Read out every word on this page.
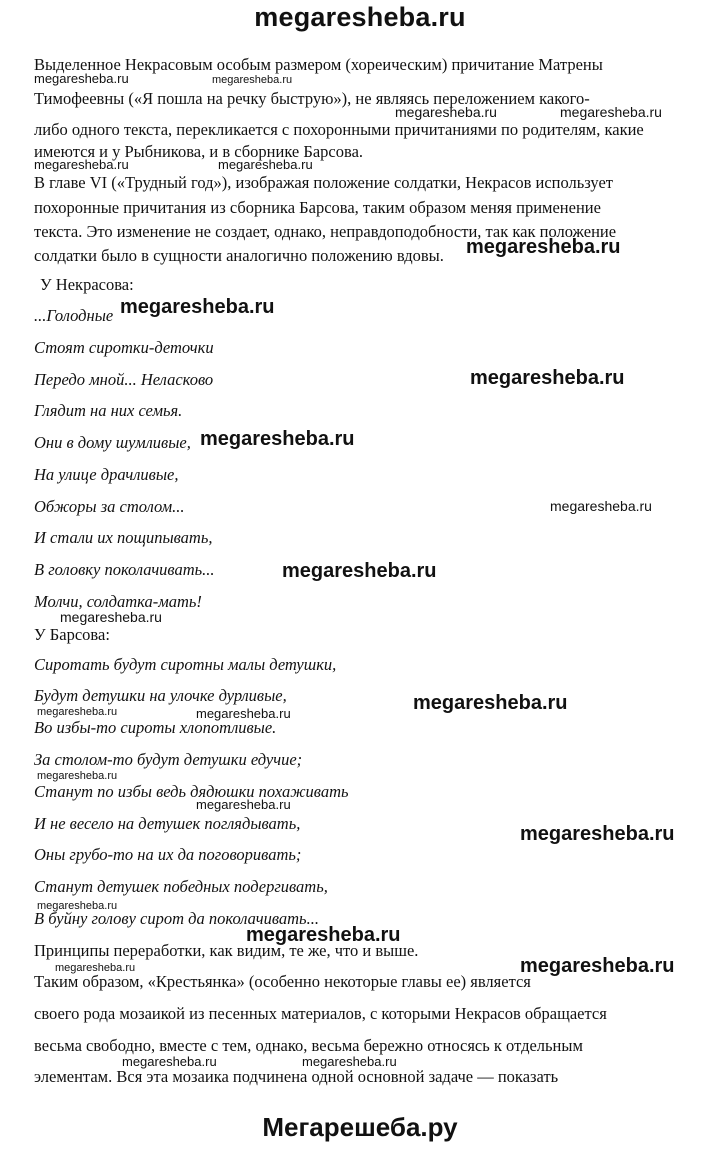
megaresheba.ru
Выделенное Некрасовым особым размером (хореическим) причитание Матрены
Тимофеевны («Я пошла на речку быструю»), не являясь переложением какого-
либо одного текста, перекликается с похоронными причитаниями по родителям, какие
имеются и у Рыбникова, и в сборнике Барсова.
В главе VI («Трудный год»), изображая положение солдатки, Некрасов использует
похоронные причитания из сборника Барсова, таким образом меняя применение
текста. Это изменение не создает, однако, неправдоподобности, так как положение
солдатки было в сущности аналогично положению вдовы.
У Некрасова:
...Голодные
Стоят сиротки-деточки
Передо мной... Неласково
Глядит на них семья.
Они в дому шумливые,
На улице драчливые,
Обжоры за столом...
И стали их пощипывать,
В головку поколачивать...
Молчи, солдатка-мать!
У Барсова:
Сиротать будут сиротны малы детушки,
Будут детушки на улочке дурливые,
Во избы-то сироты хлопотливые.
За столом-то будут детушки едучие;
Станут по избы ведь дядюшки похаживать
И не весело на детушек поглядывать,
Оны грубо-то на их да поговоривать;
Станут детушек победных подергивать,
В буйну голову сирот да поколачивать...
Принципы переработки, как видим, те же, что и выше.
Таким образом, «Крестьянка» (особенно некоторые главы ее) является
своего рода мозаикой из песенных материалов, с которыми Некрасов обращается
весьма свободно, вместе с тем, однако, весьма бережно относясь к отдельным
элементам. Вся эта мозаика подчинена одной основной задаче — показать
megaresheba.ru	megaresheba.ru
megaresheba.ru	megaresheba.ru
megaresheba.ru	megaresheba.ru
megaresheba.ru
megaresheba.ru
megaresheba.ru
megaresheba.ru
megaresheba.ru
megaresheba.ru
megaresheba.ru
megaresheba.ru
megaresheba.ru	megaresheba.ru
megaresheba.ru
megaresheba.ru
megaresheba.ru
megaresheba.ru
megaresheba.ru
megaresheba.ru	megaresheba.ru
megaresheba.ru	megaresheba.ru
Мегарешеба.ру
